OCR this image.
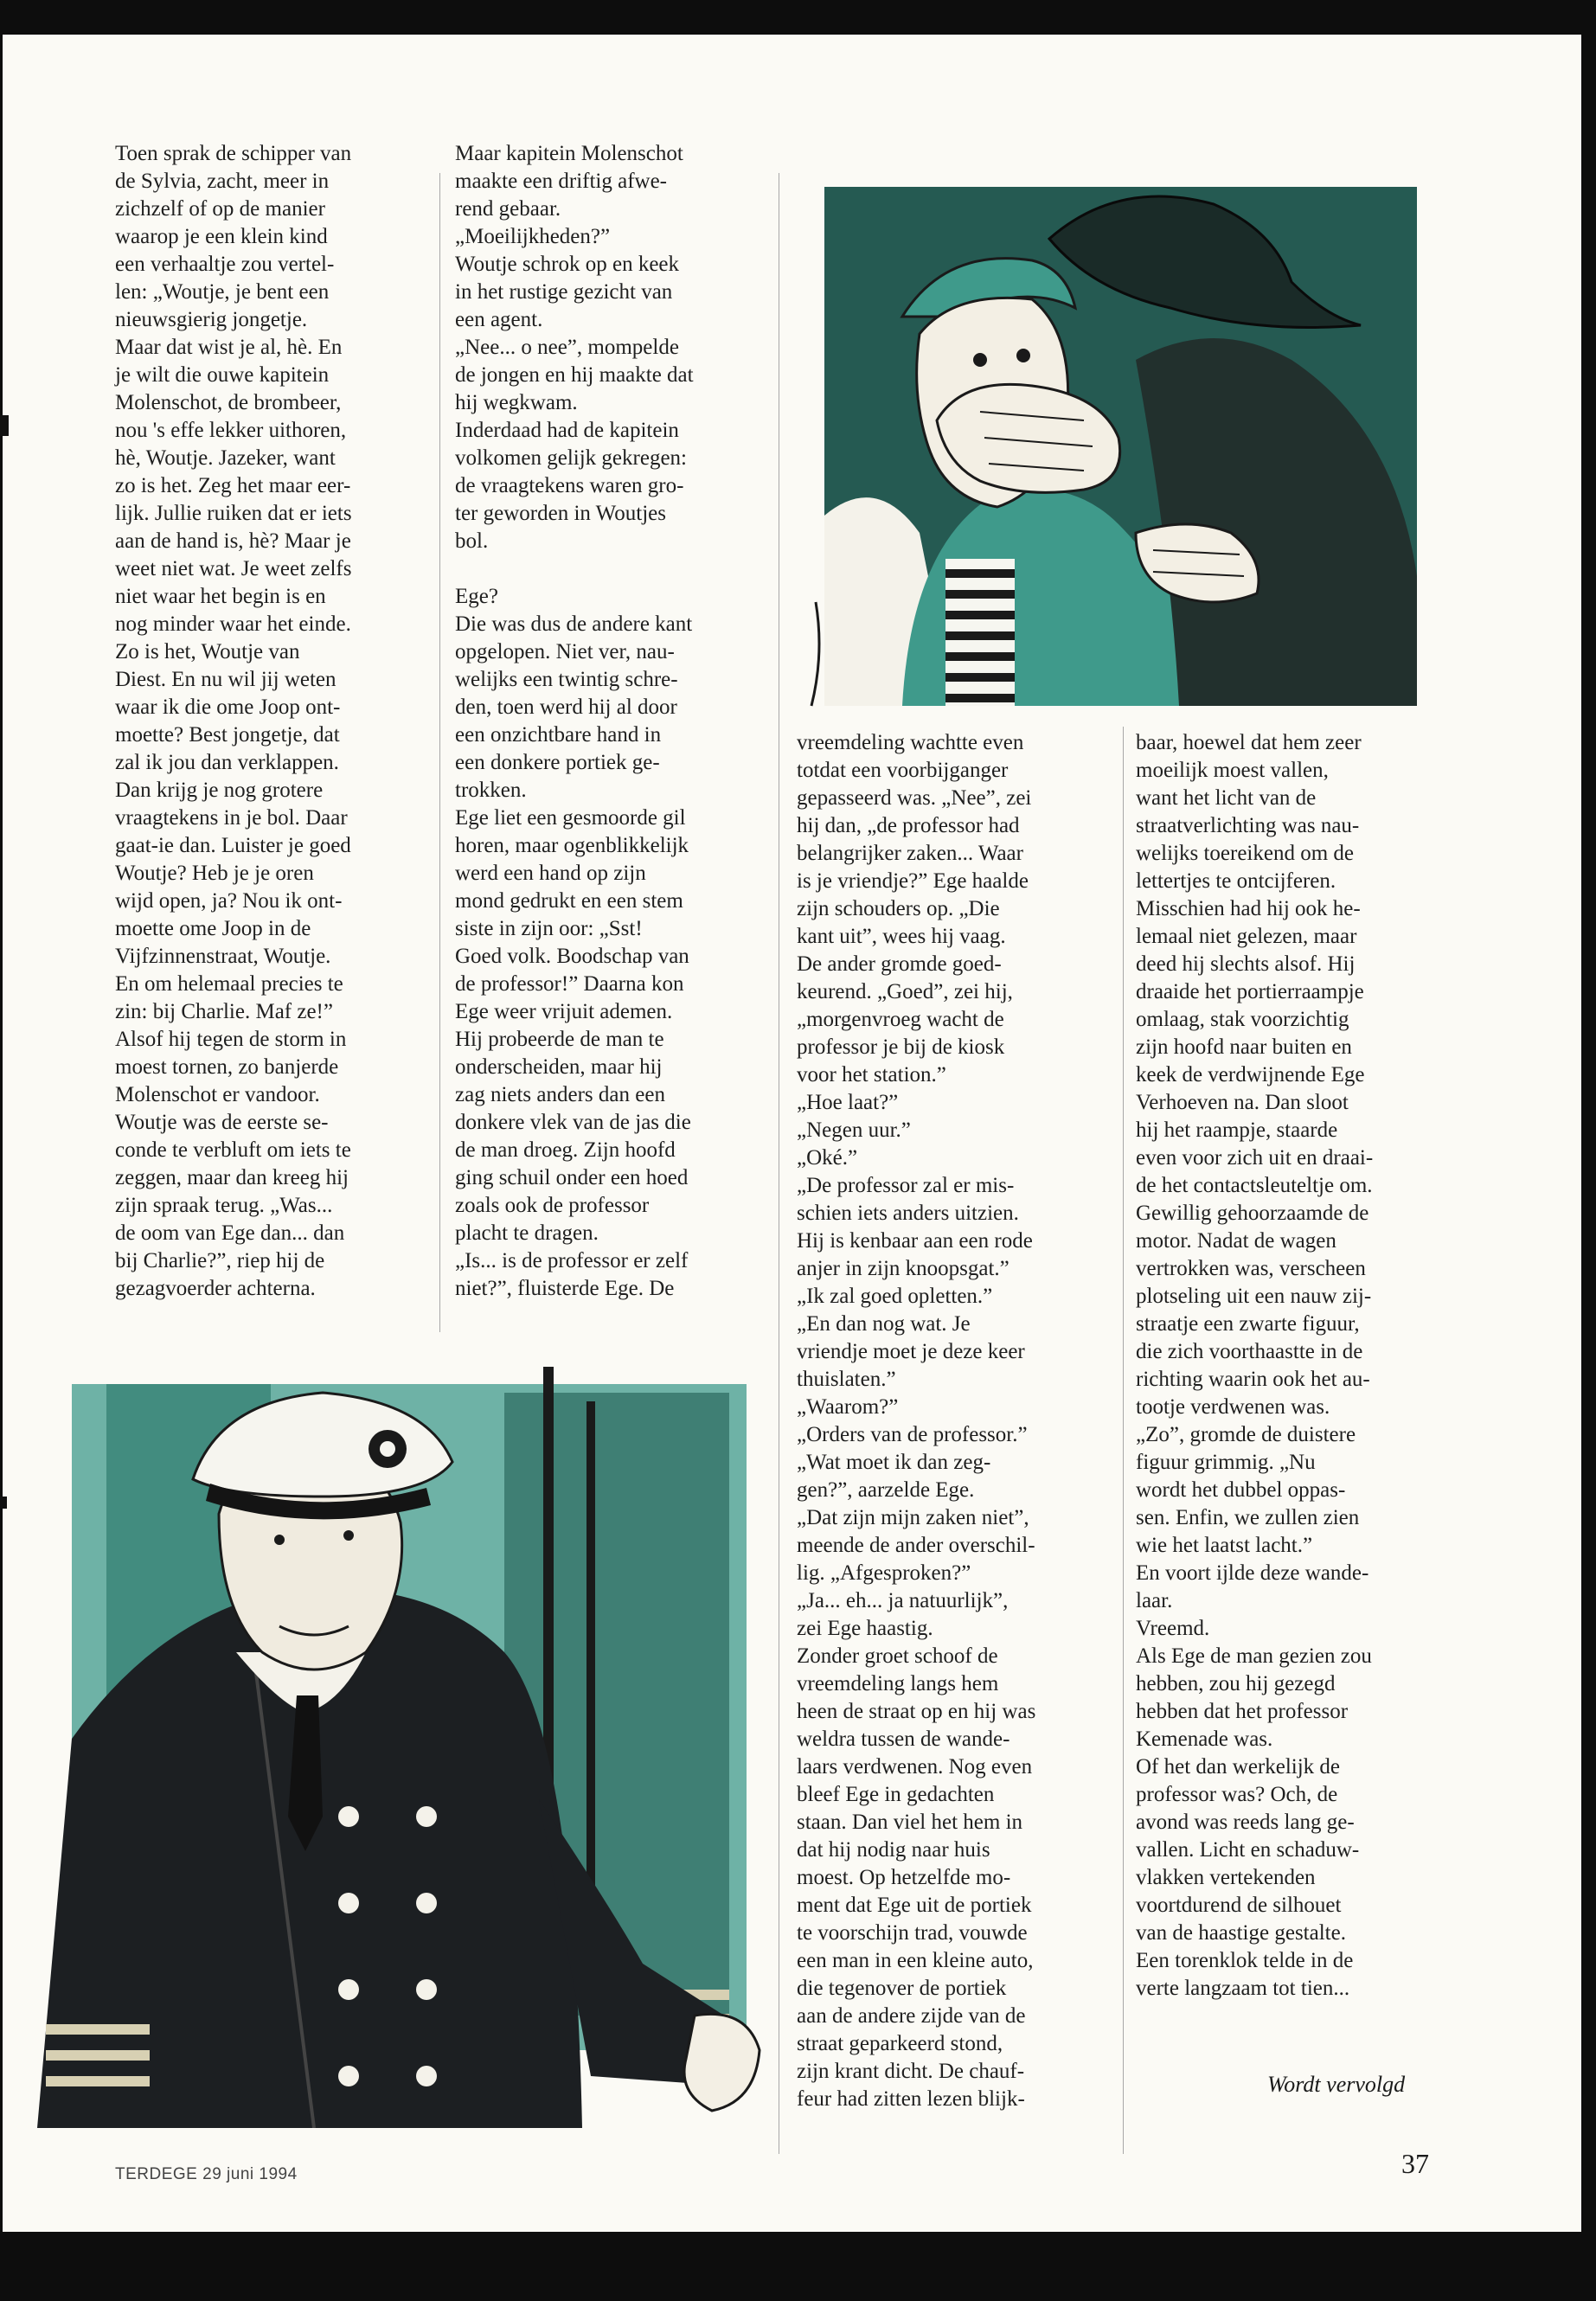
Toen sprak de schipper van
de Sylvia, zacht, meer in
zichzelf of op de manier
waarop je een klein kind
een verhaaltje zou vertel-
len: „Woutje, je bent een
nieuwsgierig jongetje.
Maar dat wist je al, hè. En
je wilt die ouwe kapitein
Molenschot, de brombeer,
nou 's effe lekker uithoren,
hè, Woutje. Jazeker, want
zo is het. Zeg het maar eer-
lijk. Jullie ruiken dat er iets
aan de hand is, hè? Maar je
weet niet wat. Je weet zelfs
niet waar het begin is en
nog minder waar het einde.
Zo is het, Woutje van
Diest. En nu wil jij weten
waar ik die ome Joop ont-
moette? Best jongetje, dat
zal ik jou dan verklappen.
Dan krijg je nog grotere
vraagtekens in je bol. Daar
gaat-ie dan. Luister je goed
Woutje? Heb je je oren
wijd open, ja? Nou ik ont-
moette ome Joop in de
Vijfzinnenstraat, Woutje.
En om helemaal precies te
zin: bij Charlie. Maf ze!”
Alsof hij tegen de storm in
moest tornen, zo banjerde
Molenschot er vandoor.
Woutje was de eerste se-
conde te verbluft om iets te
zeggen, maar dan kreeg hij
zijn spraak terug. „Was...
de oom van Ege dan... dan
bij Charlie?”, riep hij de
gezagvoerder achterna.
Maar kapitein Molenschot
maakte een driftig afwe-
rend gebaar.
„Moeilijkheden?”
Woutje schrok op en keek
in het rustige gezicht van
een agent.
„Nee... o nee”, mompelde
de jongen en hij maakte dat
hij wegkwam.
Inderdaad had de kapitein
volkomen gelijk gekregen:
de vraagtekens waren gro-
ter geworden in Woutjes
bol.

Ege?
Die was dus de andere kant
opgelopen. Niet ver, nau-
welijks een twintig schre-
den, toen werd hij al door
een onzichtbare hand in
een donkere portiek ge-
trokken.
Ege liet een gesmoorde gil
horen, maar ogenblikkelijk
werd een hand op zijn
mond gedrukt en een stem
siste in zijn oor: „Sst!
Goed volk. Boodschap van
de professor!” Daarna kon
Ege weer vrijuit ademen.
Hij probeerde de man te
onderscheiden, maar hij
zag niets anders dan een
donkere vlek van de jas die
de man droeg. Zijn hoofd
ging schuil onder een hoed
zoals ook de professor
placht te dragen.
„Is... is de professor er zelf
niet?”, fluisterde Ege. De
vreemdeling wachtte even
totdat een voorbijganger
gepasseerd was. „Nee”, zei
hij dan, „de professor had
belangrijker zaken... Waar
is je vriendje?” Ege haalde
zijn schouders op. „Die
kant uit”, wees hij vaag.
De ander gromde goed-
keurend. „Goed”, zei hij,
„morgenvroeg wacht de
professor je bij de kiosk
voor het station.”
„Hoe laat?”
„Negen uur.”
„Oké.”
„De professor zal er mis-
schien iets anders uitzien.
Hij is kenbaar aan een rode
anjer in zijn knoopsgat.”
„Ik zal goed opletten.”
„En dan nog wat. Je
vriendje moet je deze keer
thuislaten.”
„Waarom?”
„Orders van de professor.”
„Wat moet ik dan zeg-
gen?”, aarzelde Ege.
„Dat zijn mijn zaken niet”,
meende de ander overschil-
lig. „Afgesproken?”
„Ja... eh... ja natuurlijk”,
zei Ege haastig.
Zonder groet schoof de
vreemdeling langs hem
heen de straat op en hij was
weldra tussen de wande-
laars verdwenen. Nog even
bleef Ege in gedachten
staan. Dan viel het hem in
dat hij nodig naar huis
moest. Op hetzelfde mo-
ment dat Ege uit de portiek
te voorschijn trad, vouwde
een man in een kleine auto,
die tegenover de portiek
aan de andere zijde van de
straat geparkeerd stond,
zijn krant dicht. De chauf-
feur had zitten lezen blijk-
baar, hoewel dat hem zeer
moeilijk moest vallen,
want het licht van de
straatverlichting was nau-
welijks toereikend om de
lettertjes te ontcijferen.
Misschien had hij ook he-
lemaal niet gelezen, maar
deed hij slechts alsof. Hij
draaide het portierraampje
omlaag, stak voorzichtig
zijn hoofd naar buiten en
keek de verdwijnende Ege
Verhoeven na. Dan sloot
hij het raampje, staarde
even voor zich uit en draai-
de het contactsleuteltje om.
Gewillig gehoorzaamde de
motor. Nadat de wagen
vertrokken was, verscheen
plotseling uit een nauw zij-
straatje een zwarte figuur,
die zich voorthaastte in de
richting waarin ook het au-
tootje verdwenen was.
„Zo”, gromde de duistere
figuur grimmig. „Nu
wordt het dubbel oppas-
sen. Enfin, we zullen zien
wie het laatst lacht.”
En voort ijlde deze wande-
laar.
Vreemd.
Als Ege de man gezien zou
hebben, zou hij gezegd
hebben dat het professor
Kemenade was.
Of het dan werkelijk de
professor was? Och, de
avond was reeds lang ge-
vallen. Licht en schaduw-
vlakken vertekenden
voortdurend de silhouet
van de haastige gestalte.
Een torenklok telde in de
verte langzaam tot tien...
Wordt vervolgd
TERDEGE 29 juni 1994	37
